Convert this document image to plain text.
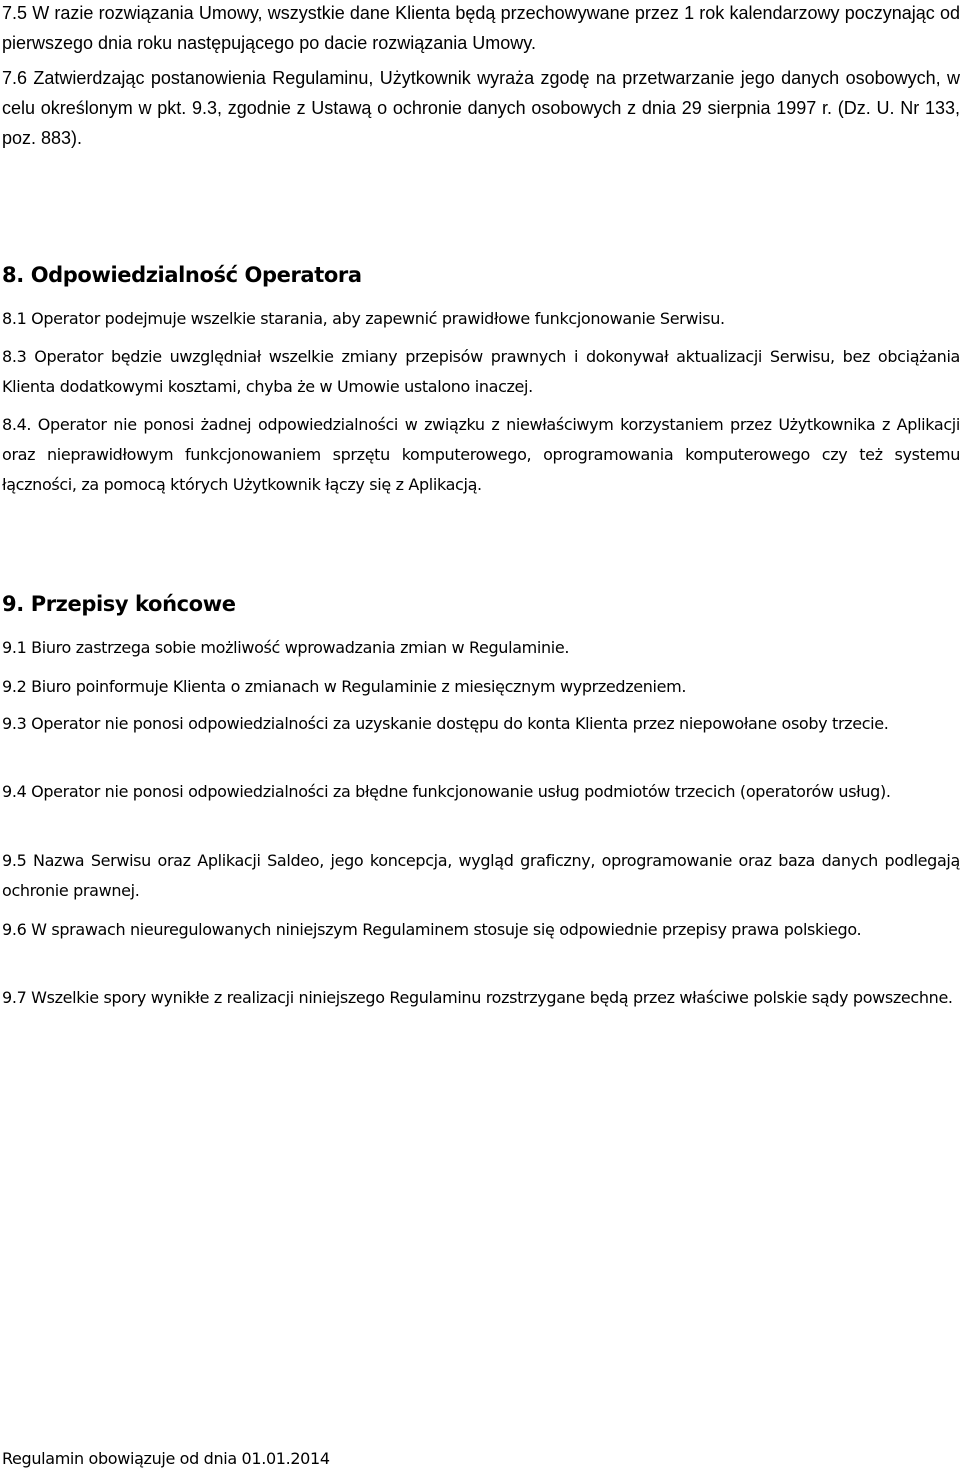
7.5 W razie rozwiązania Umowy, wszystkie dane Klienta będą przechowywane przez 1 rok kalendarzowy poczynając od pierwszego dnia roku następującego po dacie rozwiązania Umowy.

7.6 Zatwierdzając postanowienia Regulaminu, Użytkownik wyraża zgodę na przetwarzanie jego danych osobowych, w celu określonym w pkt. 9.3, zgodnie z Ustawą o ochronie danych osobowych z dnia 29 sierpnia 1997 r. (Dz. U. Nr 133, poz. 883).

8. Odpowiedzialność Operatora

8.1 Operator podejmuje wszelkie starania, aby zapewnić prawidłowe funkcjonowanie Serwisu.

8.3 Operator będzie uwzględniał wszelkie zmiany przepisów prawnych i dokonywał aktualizacji Serwisu, bez obciążania Klienta dodatkowymi kosztami, chyba że w Umowie ustalono inaczej.

8.4. Operator nie ponosi żadnej odpowiedzialności w związku z niewłaściwym korzystaniem przez Użytkownika z Aplikacji oraz nieprawidłowym funkcjonowaniem sprzętu komputerowego, oprogramowania komputerowego czy też systemu łączności, za pomocą których Użytkownik łączy się z Aplikacją.

9. Przepisy końcowe

9.1 Biuro zastrzega sobie możliwość wprowadzania zmian w Regulaminie.

9.2 Biuro poinformuje Klienta o zmianach w Regulaminie z miesięcznym wyprzedzeniem.

9.3 Operator nie ponosi odpowiedzialności za uzyskanie dostępu do konta Klienta przez niepowołane osoby trzecie.

9.4 Operator nie ponosi odpowiedzialności za błędne funkcjonowanie usług podmiotów trzecich (operatorów usług).

9.5 Nazwa Serwisu oraz Aplikacji Saldeo, jego koncepcja, wygląd graficzny, oprogramowanie oraz baza danych podlegają ochronie prawnej.

9.6 W sprawach nieuregulowanych niniejszym Regulaminem stosuje się odpowiednie przepisy prawa polskiego.

9.7 Wszelkie spory wynikłe z realizacji niniejszego Regulaminu rozstrzygane będą przez właściwe polskie sądy powszechne.

Regulamin obowiązuje od dnia 01.01.2014
